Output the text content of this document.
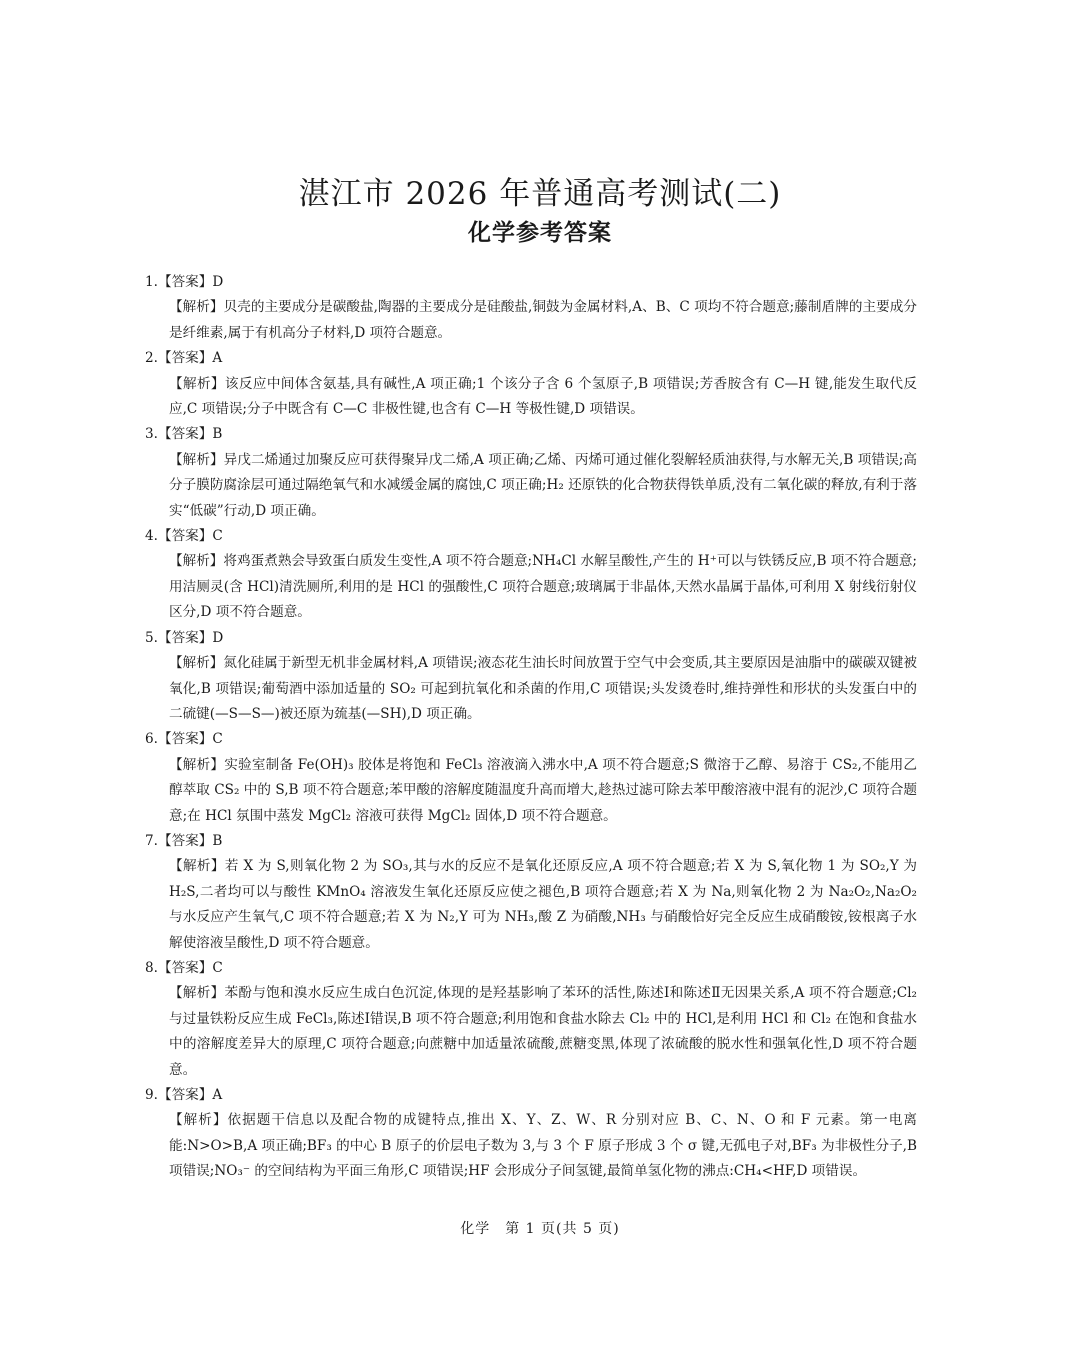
湛江市 2026 年普通高考测试(二)
化学参考答案
1.【答案】D
【解析】贝壳的主要成分是碳酸盐,陶器的主要成分是硅酸盐,铜鼓为金属材料,A、B、C 项均不符合题意;藤制盾牌的主要成分是纤维素,属于有机高分子材料,D 项符合题意。
2.【答案】A
【解析】该反应中间体含氨基,具有碱性,A 项正确;1 个该分子含 6 个氢原子,B 项错误;芳香胺含有 C—H 键,能发生取代反应,C 项错误;分子中既含有 C—C 非极性键,也含有 C—H 等极性键,D 项错误。
3.【答案】B
【解析】异戊二烯通过加聚反应可获得聚异戊二烯,A 项正确;乙烯、丙烯可通过催化裂解轻质油获得,与水解无关,B 项错误;高分子膜防腐涂层可通过隔绝氧气和水减缓金属的腐蚀,C 项正确;H₂ 还原铁的化合物获得铁单质,没有二氧化碳的释放,有利于落实“低碳”行动,D 项正确。
4.【答案】C
【解析】将鸡蛋煮熟会导致蛋白质发生变性,A 项不符合题意;NH₄Cl 水解呈酸性,产生的 H⁺可以与铁锈反应,B 项不符合题意;用洁厕灵(含 HCl)清洗厕所,利用的是 HCl 的强酸性,C 项符合题意;玻璃属于非晶体,天然水晶属于晶体,可利用 X 射线衍射仪区分,D 项不符合题意。
5.【答案】D
【解析】氮化硅属于新型无机非金属材料,A 项错误;液态花生油长时间放置于空气中会变质,其主要原因是油脂中的碳碳双键被氧化,B 项错误;葡萄酒中添加适量的 SO₂ 可起到抗氧化和杀菌的作用,C 项错误;头发烫卷时,维持弹性和形状的头发蛋白中的二硫键(—S—S—)被还原为巯基(—SH),D 项正确。
6.【答案】C
【解析】实验室制备 Fe(OH)₃ 胶体是将饱和 FeCl₃ 溶液滴入沸水中,A 项不符合题意;S 微溶于乙醇、易溶于 CS₂,不能用乙醇萃取 CS₂ 中的 S,B 项不符合题意;苯甲酸的溶解度随温度升高而增大,趁热过滤可除去苯甲酸溶液中混有的泥沙,C 项符合题意;在 HCl 氛围中蒸发 MgCl₂ 溶液可获得 MgCl₂ 固体,D 项不符合题意。
7.【答案】B
【解析】若 X 为 S,则氧化物 2 为 SO₃,其与水的反应不是氧化还原反应,A 项不符合题意;若 X 为 S,氧化物 1 为 SO₂,Y 为 H₂S,二者均可以与酸性 KMnO₄ 溶液发生氧化还原反应使之褪色,B 项符合题意;若 X 为 Na,则氧化物 2 为 Na₂O₂,Na₂O₂ 与水反应产生氧气,C 项不符合题意;若 X 为 N₂,Y 可为 NH₃,酸 Z 为硝酸,NH₃ 与硝酸恰好完全反应生成硝酸铵,铵根离子水解使溶液呈酸性,D 项不符合题意。
8.【答案】C
【解析】苯酚与饱和溴水反应生成白色沉淀,体现的是羟基影响了苯环的活性,陈述Ⅰ和陈述Ⅱ无因果关系,A 项不符合题意;Cl₂ 与过量铁粉反应生成 FeCl₃,陈述Ⅰ错误,B 项不符合题意;利用饱和食盐水除去 Cl₂ 中的 HCl,是利用 HCl 和 Cl₂ 在饱和食盐水中的溶解度差异大的原理,C 项符合题意;向蔗糖中加适量浓硫酸,蔗糖变黑,体现了浓硫酸的脱水性和强氧化性,D 项不符合题意。
9.【答案】A
【解析】依据题干信息以及配合物的成键特点,推出 X、Y、Z、W、R 分别对应 B、C、N、O 和 F 元素。第一电离能:N>O>B,A 项正确;BF₃ 的中心 B 原子的价层电子数为 3,与 3 个 F 原子形成 3 个 σ 键,无孤电子对,BF₃ 为非极性分子,B 项错误;NO₃⁻ 的空间结构为平面三角形,C 项错误;HF 会形成分子间氢键,最简单氢化物的沸点:CH₄<HF,D 项错误。
化学　第 1 页(共 5 页)
